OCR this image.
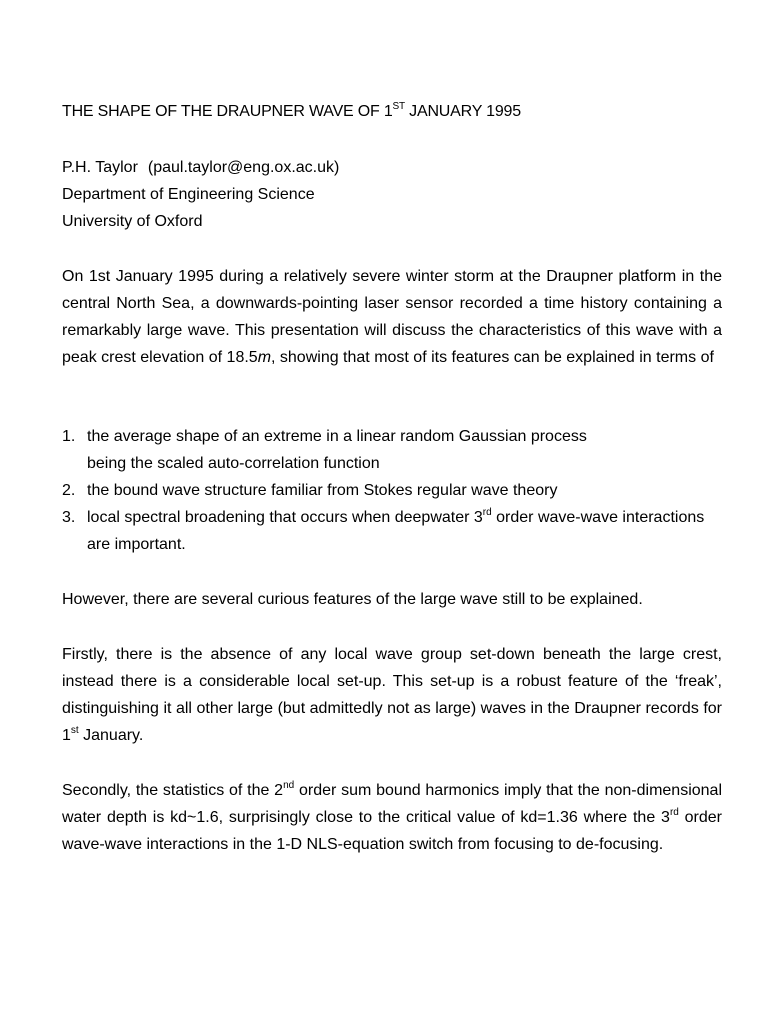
THE SHAPE OF THE DRAUPNER WAVE OF 1ST JANUARY 1995
P.H. Taylor (paul.taylor@eng.ox.ac.uk)
Department of Engineering Science
University of Oxford

On 1st January 1995 during a relatively severe winter storm at the Draupner platform in the central North Sea, a downwards-pointing laser sensor recorded a time history containing a remarkably large wave. This presentation will discuss the characteristics of this wave with a peak crest elevation of 18.5m, showing that most of its features can be explained in terms of

1. the average shape of an extreme in a linear random Gaussian process being the scaled auto-correlation function
2. the bound wave structure familiar from Stokes regular wave theory
3. local spectral broadening that occurs when deepwater 3rd order wave-wave interactions are important.

However, there are several curious features of the large wave still to be explained.

Firstly, there is the absence of any local wave group set-down beneath the large crest, instead there is a considerable local set-up. This set-up is a robust feature of the ‘freak’, distinguishing it all other large (but admittedly not as large) waves in the Draupner records for 1st January.

Secondly, the statistics of the 2nd order sum bound harmonics imply that the non-dimensional water depth is kd~1.6, surprisingly close to the critical value of kd=1.36 where the 3rd order wave-wave interactions in the 1-D NLS-equation switch from focusing to de-focusing.
